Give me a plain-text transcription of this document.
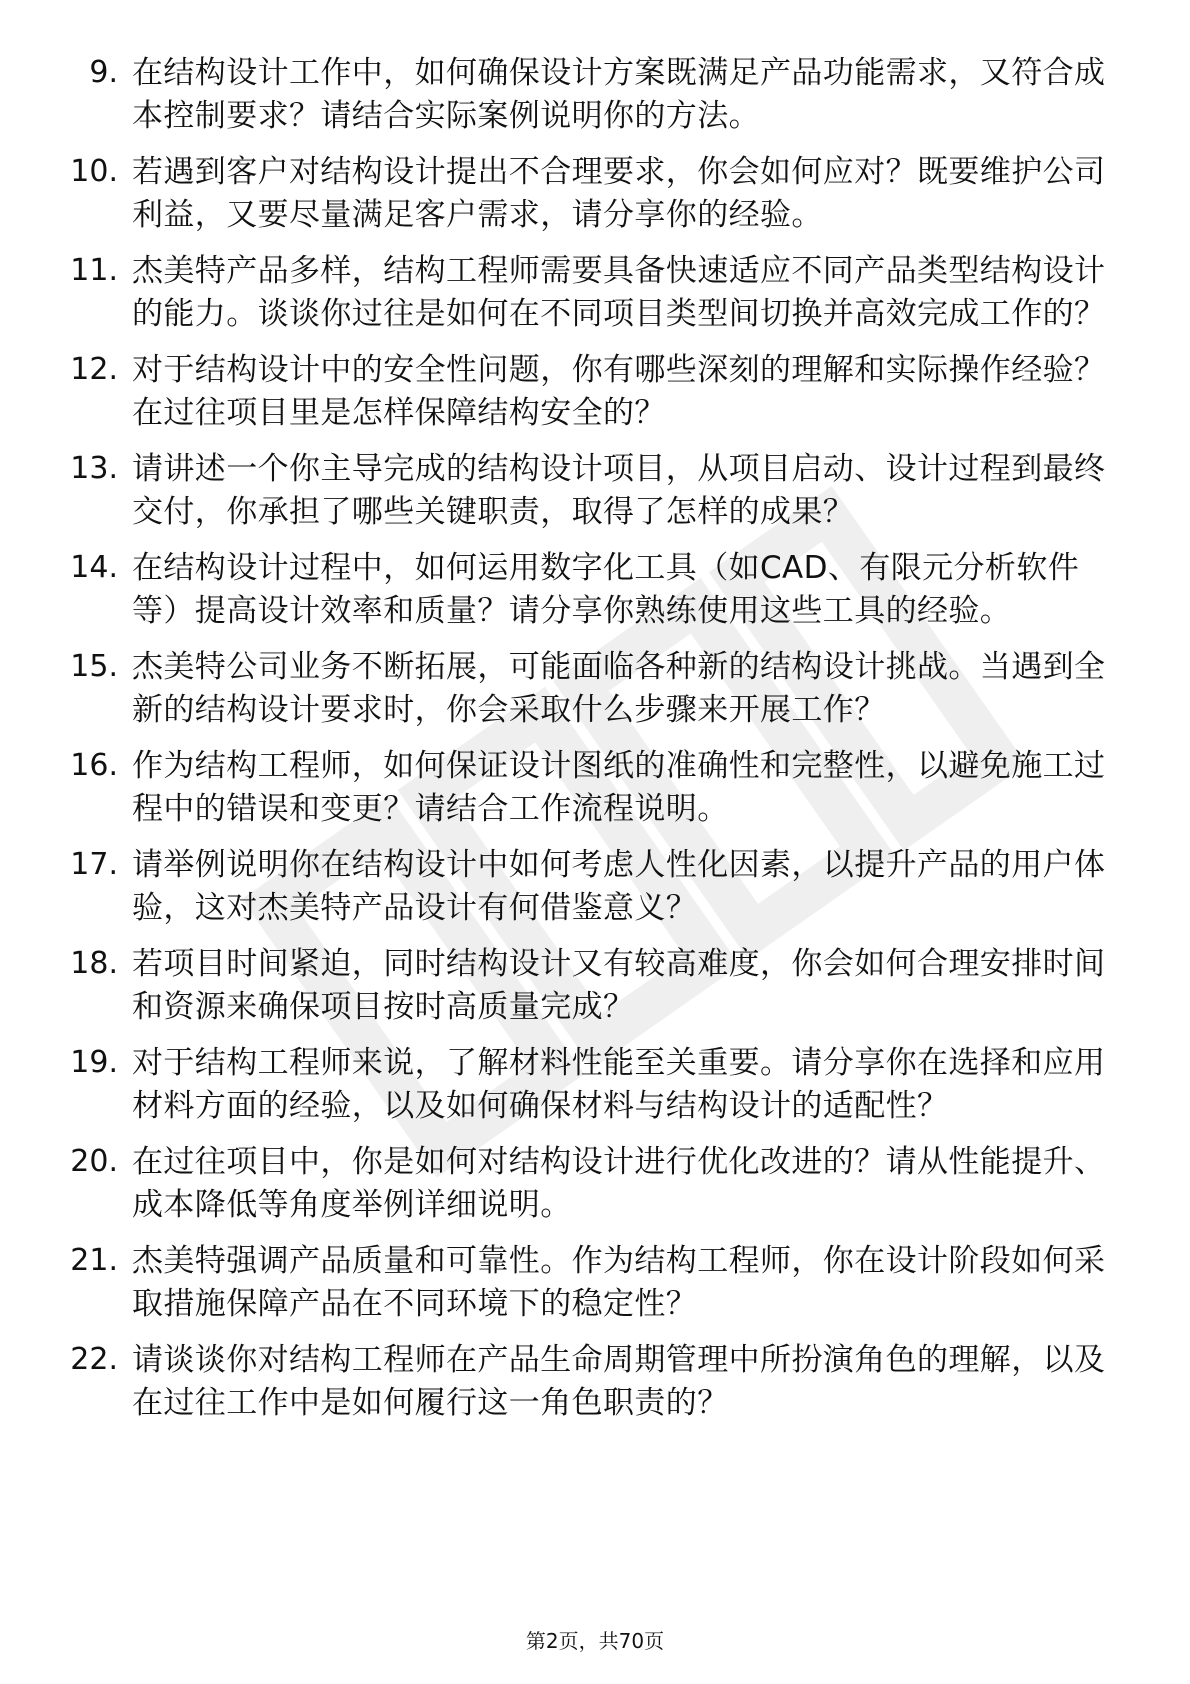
9. 在结构设计工作中，如何确保设计方案既满足产品功能需求，又符合成本控制要求？请结合实际案例说明你的方法。
10. 若遇到客户对结构设计提出不合理要求，你会如何应对？既要维护公司利益，又要尽量满足客户需求，请分享你的经验。
11. 杰美特产品多样，结构工程师需要具备快速适应不同产品类型结构设计的能力。谈谈你过往是如何在不同项目类型间切换并高效完成工作的？
12. 对于结构设计中的安全性问题，你有哪些深刻的理解和实际操作经验？在过往项目里是怎样保障结构安全的？
13. 请讲述一个你主导完成的结构设计项目，从项目启动、设计过程到最终交付，你承担了哪些关键职责，取得了怎样的成果？
14. 在结构设计过程中，如何运用数字化工具（如CAD、有限元分析软件等）提高设计效率和质量？请分享你熟练使用这些工具的经验。
15. 杰美特公司业务不断拓展，可能面临各种新的结构设计挑战。当遇到全新的结构设计要求时，你会采取什么步骤来开展工作？
16. 作为结构工程师，如何保证设计图纸的准确性和完整性，以避免施工过程中的错误和变更？请结合工作流程说明。
17. 请举例说明你在结构设计中如何考虑人性化因素，以提升产品的用户体验，这对杰美特产品设计有何借鉴意义？
18. 若项目时间紧迫，同时结构设计又有较高难度，你会如何合理安排时间和资源来确保项目按时高质量完成？
19. 对于结构工程师来说，了解材料性能至关重要。请分享你在选择和应用材料方面的经验，以及如何确保材料与结构设计的适配性？
20. 在过往项目中，你是如何对结构设计进行优化改进的？请从性能提升、成本降低等角度举例详细说明。
21. 杰美特强调产品质量和可靠性。作为结构工程师，你在设计阶段如何采取措施保障产品在不同环境下的稳定性？
22. 请谈谈你对结构工程师在产品生命周期管理中所扮演角色的理解，以及在过往工作中是如何履行这一角色职责的？
第2页，共70页
